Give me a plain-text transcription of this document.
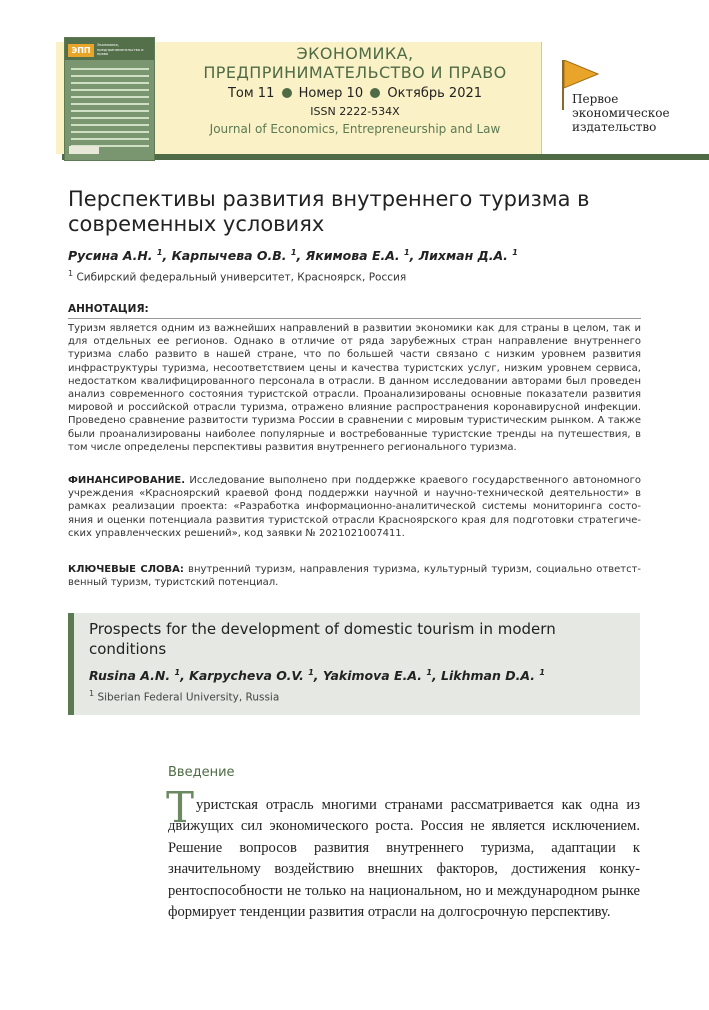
ЭПП
Экономика, предпринимательство и право	ЭКОНОМИКА,
ПРЕДПРИНИМАТЕЛЬСТВО И ПРАВО
Том 11 Номер 10 Октябрь 2021
ISSN 2222-534X
Journal of Economics, Entrepreneurship and Law
Первое
экономическое
издательство
Перспективы развития внутреннего туризма в современных условиях
Русина А.Н. $^1$, Карпычева О.В. $^1$, Якимова Е.А. $^1$, Лихман Д.А. $^1$
$^1$ Сибирский федеральный университет, Красноярск, Россия
АННОТАЦИЯ:
Туризм является одним из важнейших направлений в развитии экономики как для страны в целом, так и для отдельных ее регионов. Однако в отличие от ряда зарубежных стран направление внутреннего туризма слабо развито в нашей стране, что по большей части связано с низким уровнем развития инфраструктуры туризма, несоответствием цены и качества туристских услуг, низким уровнем сервиса, недостатком квалифицированного персонала в отрасли. В данном исследовании авторами был проведен анализ современного состояния туристской отрасли. Проанализированы основные показатели развития мировой и российской отрасли туризма, отражено влияние распространения коронавирусной инфекции. Проведено сравнение развитости туризма России в сравнении с мировым туристическим рынком. А также были проанализированы наиболее популярные и востребованные туристские тренды на путешествия, в том числе определены перспективы развития внутреннего регионального туризма.
ФИНАНСИРОВАНИЕ. Исследование выполнено при поддержке краевого государственного автономного учреждения «Красноярский краевой фонд поддержки научной и научно-технической деятельности» в рамках реализации проекта: «Разработка информационно-аналитической системы мониторинга состояния и оценки потенциала развития туристской отрасли Красноярского края для подготовки стратегических управленческих решений», код заявки № 2021021007411.
КЛЮЧЕВЫЕ СЛОВА: внутренний туризм, направления туризма, культурный туризм, социально ответственный туризм, туристский потенциал.
Prospects for the development of domestic tourism in modern conditions
Rusina A.N. $^1$, Karpycheva O.V. $^1$, Yakimova E.A. $^1$, Likhman D.A. $^1$
$^1$ Siberian Federal University, Russia
Введение
Т уристская отрасль многими странами рассматривается как одна из движущих сил экономического роста. Россия не является исключением. Решение вопросов развития внутреннего туризма, адаптации к значительному воздействию внешних факторов, достижения конкурентоспособности не только на национальном, но и международном рынке формирует тенденции развития отрасли на долгосрочную перспективу.
